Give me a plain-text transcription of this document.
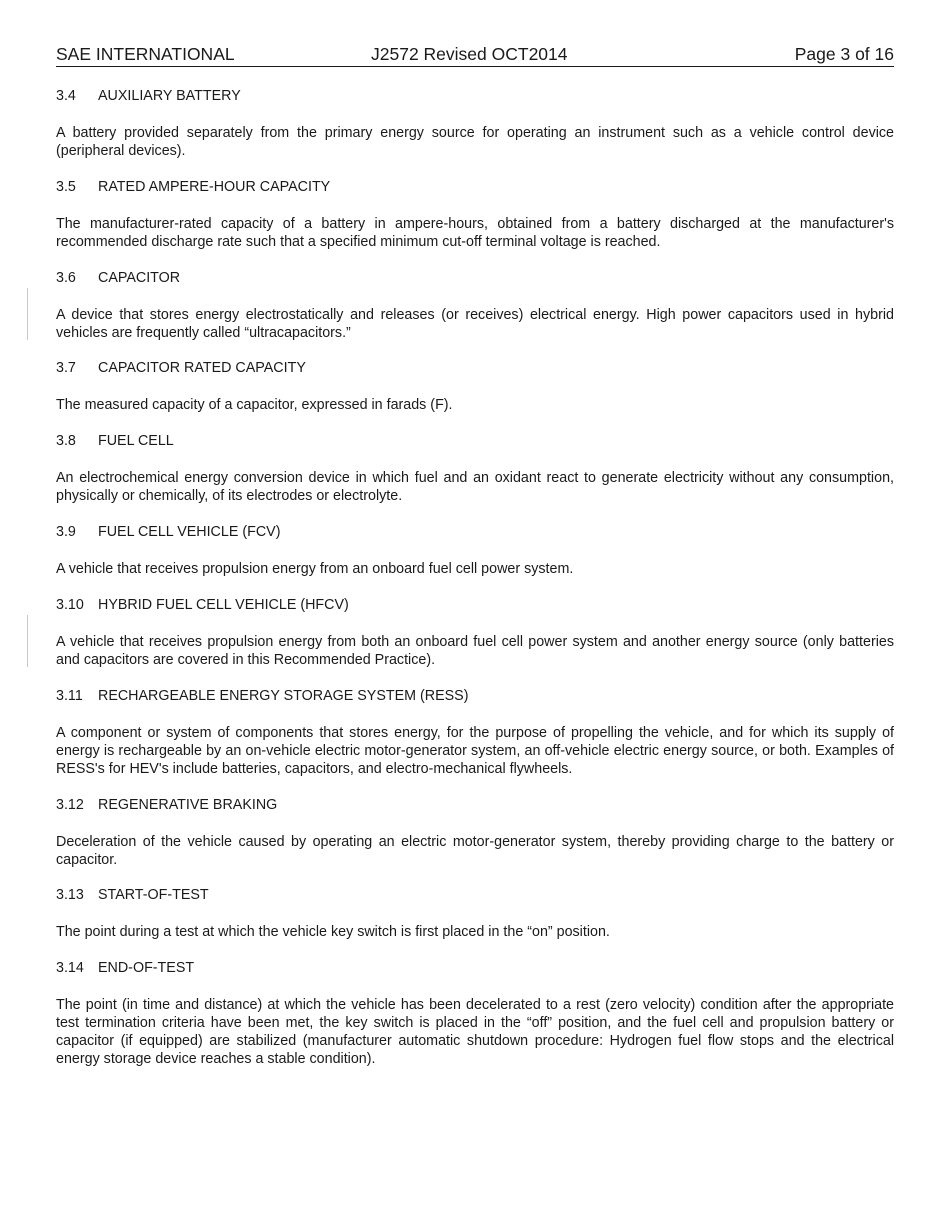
SAE INTERNATIONAL	J2572 Revised OCT2014	Page 3 of 16
3.4 AUXILIARY BATTERY
A battery provided separately from the primary energy source for operating an instrument such as a vehicle control device (peripheral devices).
3.5 RATED AMPERE-HOUR CAPACITY
The manufacturer-rated capacity of a battery in ampere-hours, obtained from a battery discharged at the manufacturer's recommended discharge rate such that a specified minimum cut-off terminal voltage is reached.
3.6 CAPACITOR
A device that stores energy electrostatically and releases (or receives) electrical energy. High power capacitors used in hybrid vehicles are frequently called “ultracapacitors.”
3.7 CAPACITOR RATED CAPACITY
The measured capacity of a capacitor, expressed in farads (F).
3.8 FUEL CELL
An electrochemical energy conversion device in which fuel and an oxidant react to generate electricity without any consumption, physically or chemically, of its electrodes or electrolyte.
3.9 FUEL CELL VEHICLE (FCV)
A vehicle that receives propulsion energy from an onboard fuel cell power system.
3.10 HYBRID FUEL CELL VEHICLE (HFCV)
A vehicle that receives propulsion energy from both an onboard fuel cell power system and another energy source (only batteries and capacitors are covered in this Recommended Practice).
3.11 RECHARGEABLE ENERGY STORAGE SYSTEM (RESS)
A component or system of components that stores energy, for the purpose of propelling the vehicle, and for which its supply of energy is rechargeable by an on-vehicle electric motor-generator system, an off-vehicle electric energy source, or both. Examples of RESS's for HEV's include batteries, capacitors, and electro-mechanical flywheels.
3.12 REGENERATIVE BRAKING
Deceleration of the vehicle caused by operating an electric motor-generator system, thereby providing charge to the battery or capacitor.
3.13 START-OF-TEST
The point during a test at which the vehicle key switch is first placed in the “on” position.
3.14 END-OF-TEST
The point (in time and distance) at which the vehicle has been decelerated to a rest (zero velocity) condition after the appropriate test termination criteria have been met, the key switch is placed in the “off” position, and the fuel cell and propulsion battery or capacitor (if equipped) are stabilized (manufacturer automatic shutdown procedure: Hydrogen fuel flow stops and the electrical energy storage device reaches a stable condition).
